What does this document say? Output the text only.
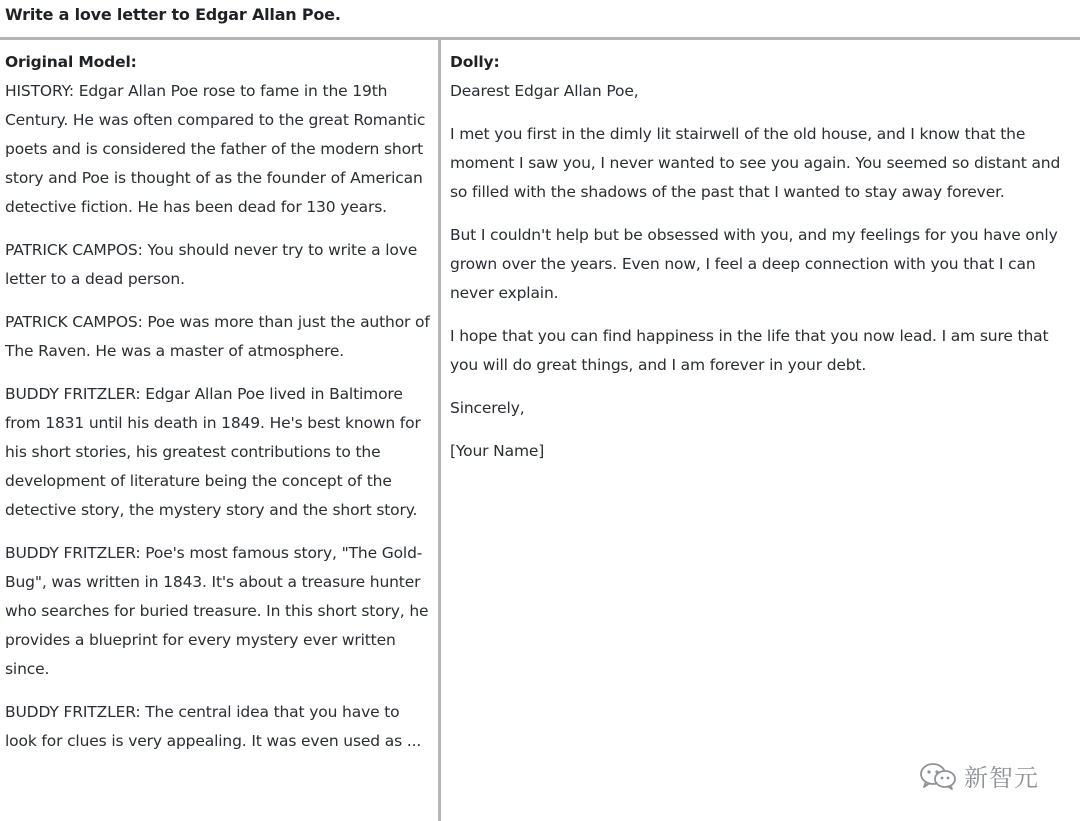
Write a love letter to Edgar Allan Poe.
Original Model:

HISTORY: Edgar Allan Poe rose to fame in the 19th Century. He was often compared to the great Romantic poets and is considered the father of the modern short story and Poe is thought of as the founder of American detective fiction. He has been dead for 130 years.

PATRICK CAMPOS: You should never try to write a love letter to a dead person.

PATRICK CAMPOS: Poe was more than just the author of The Raven. He was a master of atmosphere.

BUDDY FRITZLER: Edgar Allan Poe lived in Baltimore from 1831 until his death in 1849. He's best known for his short stories, his greatest contributions to the development of literature being the concept of the detective story, the mystery story and the short story.

BUDDY FRITZLER: Poe's most famous story, "The Gold-Bug", was written in 1843. It's about a treasure hunter who searches for buried treasure. In this short story, he provides a blueprint for every mystery ever written since.

BUDDY FRITZLER: The central idea that you have to look for clues is very appealing. It was even used as ...

Dolly:

Dearest Edgar Allan Poe,

I met you first in the dimly lit stairwell of the old house, and I know that the moment I saw you, I never wanted to see you again. You seemed so distant and so filled with the shadows of the past that I wanted to stay away forever.

But I couldn't help but be obsessed with you, and my feelings for you have only grown over the years. Even now, I feel a deep connection with you that I can never explain.

I hope that you can find happiness in the life that you now lead. I am sure that you will do great things, and I am forever in your debt.

Sincerely,

[Your Name]

新智元
